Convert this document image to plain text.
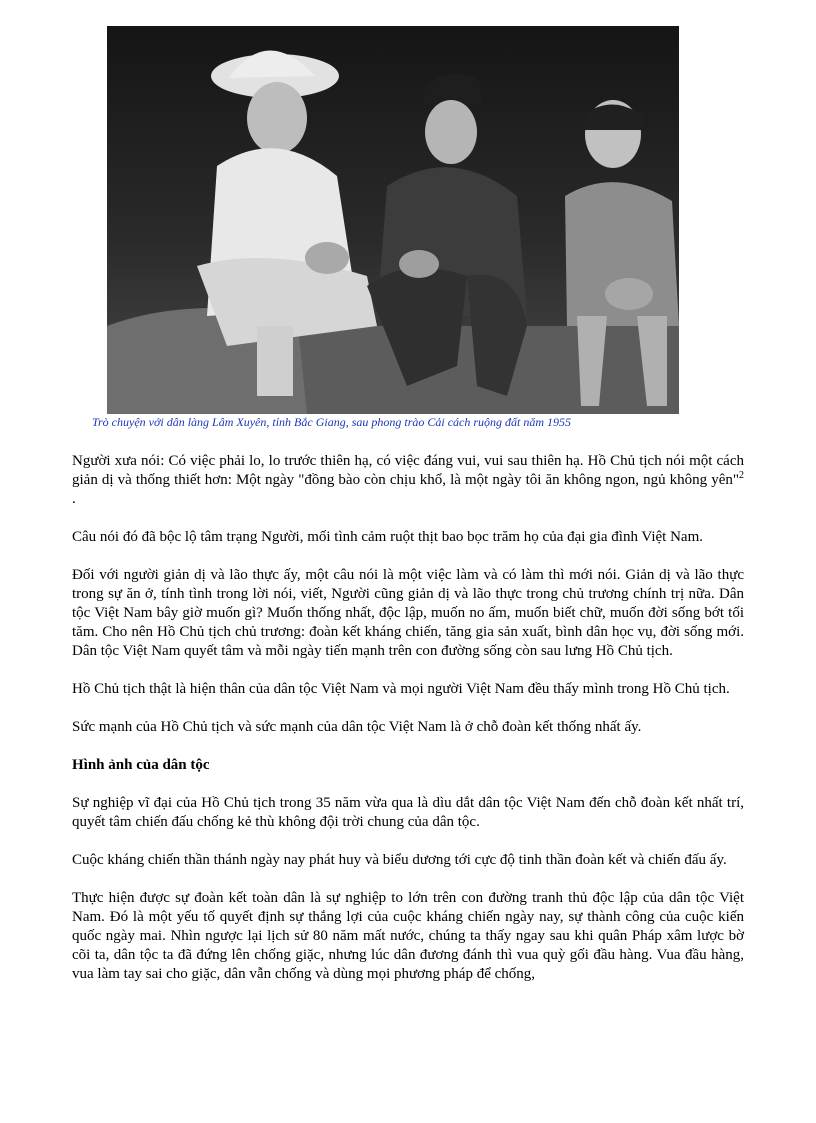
Trò chuyện với dân làng Lâm Xuyên, tỉnh Bắc Giang, sau phong trào Cải cách ruộng đất năm 1955

Người xưa nói: Có việc phải lo, lo trước thiên hạ, có việc đáng vui, vui sau thiên hạ. Hồ Chủ tịch nói một cách giản dị và thống thiết hơn: Một ngày "đồng bào còn chịu khổ, là một ngày tôi ăn không ngon, ngủ không yên"$^2$ .

Câu nói đó đã bộc lộ tâm trạng Người, mối tình cảm ruột thịt bao bọc trăm họ của đại gia đình Việt Nam.

Đối với người giản dị và lão thực ấy, một câu nói là một việc làm và có làm thì mới nói. Giản dị và lão thực trong sự ăn ở, tính tình trong lời nói, viết, Người cũng giản dị và lão thực trong chủ trương chính trị nữa. Dân tộc Việt Nam bây giờ muốn gì? Muốn thống nhất, độc lập, muốn no ấm, muốn biết chữ, muốn đời sống bớt tối tăm. Cho nên Hồ Chủ tịch chủ trương: đoàn kết kháng chiến, tăng gia sản xuất, bình dân học vụ, đời sống mới. Dân tộc Việt Nam quyết tâm và mỗi ngày tiến mạnh trên con đường sống còn sau lưng Hồ Chủ tịch.

Hồ Chủ tịch thật là hiện thân của dân tộc Việt Nam và mọi người Việt Nam đều thấy mình trong Hồ Chủ tịch.

Sức mạnh của Hồ Chủ tịch và sức mạnh của dân tộc Việt Nam là ở chỗ đoàn kết thống nhất ấy.

Hình ảnh của dân tộc

Sự nghiệp vĩ đại của Hồ Chủ tịch trong 35 năm vừa qua là dìu dắt dân tộc Việt Nam đến chỗ đoàn kết nhất trí, quyết tâm chiến đấu chống kẻ thù không đội trời chung của dân tộc.

Cuộc kháng chiến thần thánh ngày nay phát huy và biểu dương tới cực độ tinh thần đoàn kết và chiến đấu ấy.

Thực hiện được sự đoàn kết toàn dân là sự nghiệp to lớn trên con đường tranh thủ độc lập của dân tộc Việt Nam. Đó là một yếu tố quyết định sự thắng lợi của cuộc kháng chiến ngày nay, sự thành công của cuộc kiến quốc ngày mai. Nhìn ngược lại lịch sử 80 năm mất nước, chúng ta thấy ngay sau khi quân Pháp xâm lược bờ cõi ta, dân tộc ta đã đứng lên chống giặc, nhưng lúc dân đương đánh thì vua quỳ gối đầu hàng. Vua đầu hàng, vua làm tay sai cho giặc, dân vẫn chống và dùng mọi phương pháp để chống,
